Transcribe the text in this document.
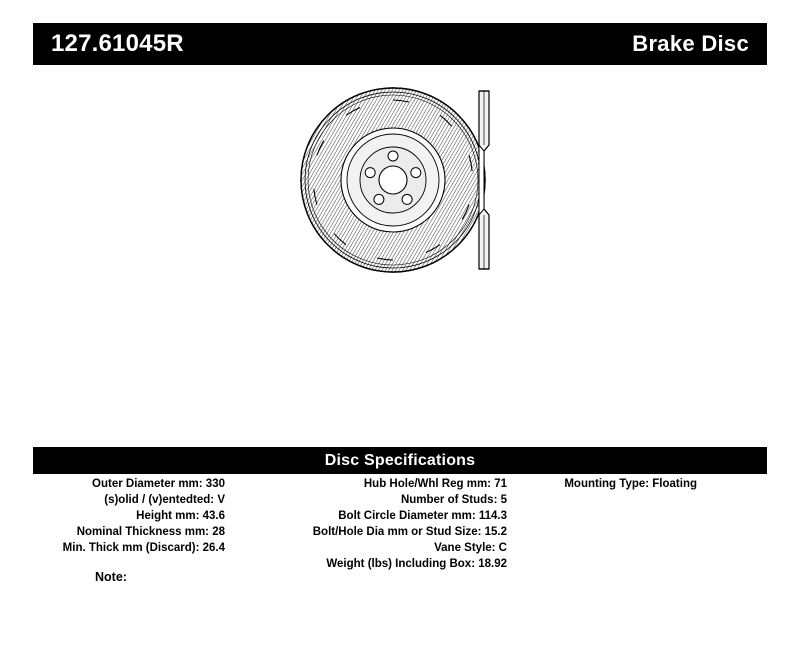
127.61045R	Brake Disc
Disc Specifications
Outer Diameter mm: 330
(s)olid / (v)entedted: V
Height mm: 43.6
Nominal Thickness mm: 28
Min. Thick mm (Discard): 26.4
Hub Hole/Whl Reg mm: 71
Number of Studs: 5
Bolt Circle Diameter mm: 114.3
Bolt/Hole Dia mm or Stud Size: 15.2
Vane Style: C
Weight (lbs) Including Box: 18.92
Mounting Type: Floating
Note:
